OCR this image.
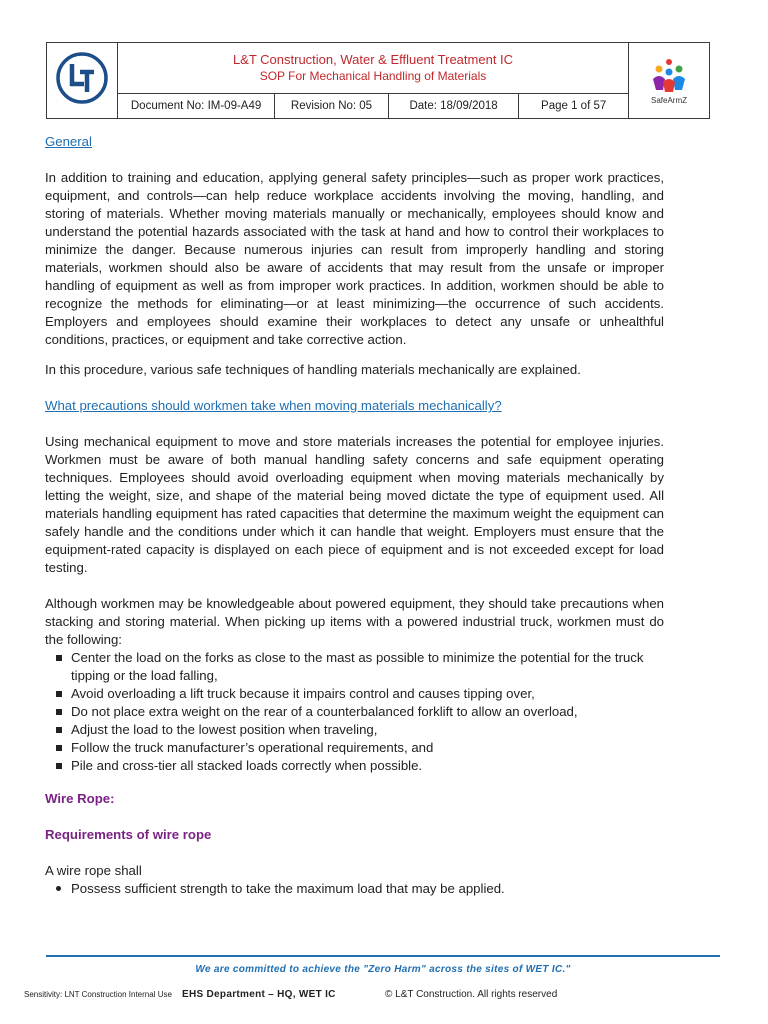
L&T Construction, Water & Effluent Treatment IC
SOP For Mechanical Handling of Materials

SafeArmZ

Document No: IM-09-A49	Revision No: 05	Date: 18/09/2018	Page 1 of 57
General

In addition to training and education, applying general safety principles—such as proper work practices, equipment, and controls—can help reduce workplace accidents involving the moving, handling, and storing of materials. Whether moving materials manually or mechanically, employees should know and understand the potential hazards associated with the task at hand and how to control their workplaces to minimize the danger. Because numerous injuries can result from improperly handling and storing materials, workmen should also be aware of accidents that may result from the unsafe or improper handling of equipment as well as from improper work practices. In addition, workmen should be able to recognize the methods for eliminating—or at least minimizing—the occurrence of such accidents. Employers and employees should examine their workplaces to detect any unsafe or unhealthful conditions, practices, or equipment and take corrective action.

In this procedure, various safe techniques of handling materials mechanically are explained.

What precautions should workmen take when moving materials mechanically?

Using mechanical equipment to move and store materials increases the potential for employee injuries. Workmen must be aware of both manual handling safety concerns and safe equipment operating techniques. Employees should avoid overloading equipment when moving materials mechanically by letting the weight, size, and shape of the material being moved dictate the type of equipment used. All materials handling equipment has rated capacities that determine the maximum weight the equipment can safely handle and the conditions under which it can handle that weight. Employers must ensure that the equipment-rated capacity is displayed on each piece of equipment and is not exceeded except for load testing.

Although workmen may be knowledgeable about powered equipment, they should take precautions when stacking and storing material. When picking up items with a powered industrial truck, workmen must do the following:

Center the load on the forks as close to the mast as possible to minimize the potential for the truck tipping or the load falling,
Avoid overloading a lift truck because it impairs control and causes tipping over,
Do not place extra weight on the rear of a counterbalanced forklift to allow an overload,
Adjust the load to the lowest position when traveling,
Follow the truck manufacturer’s operational requirements, and
Pile and cross-tier all stacked loads correctly when possible.
Wire Rope:
Requirements of wire rope
A wire rope shall
Possess sufficient strength to take the maximum load that may be applied.
We are committed to achieve the "Zero Harm" across the sites of WET IC."
Sensitivity: LNT Construction Internal Use EHS Department – HQ, WET IC	© L&T Construction. All rights reserved
